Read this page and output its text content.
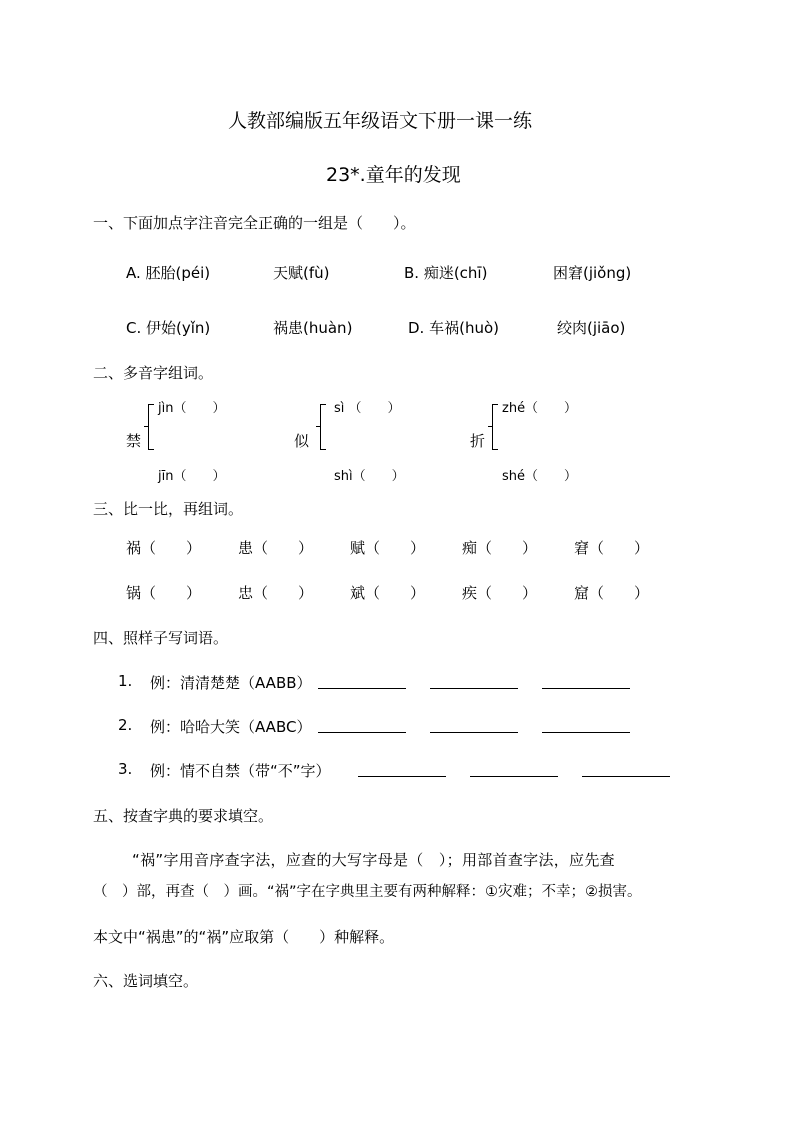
人教部编版五年级语文下册一课一练
23*.童年的发现
一、下面加点字注音完全正确的一组是（　　）。
A. 胚胎(péi)	天赋(fù)	B. 痴迷(chī)	困窘(jiǒng)
C. 伊始(yǐn)	祸患(huàn)	D. 车祸(huò)	绞肉(jiāo)
二、多音字组词。
jìn（　　）
禁
jīn（　　）
sì （　　）
似
shì（　　）
zhé（　　）
折
shé（　　）
三、比一比，再组词。
祸（　　） 患（　　） 赋（　　） 痴（　　） 窘（　　）
锅（　　） 忠（　　） 斌（　　） 疾（　　） 窟（　　）
四、照样子写词语。
1. 例：清清楚楚（AABB）
2. 例：哈哈大笑（AABC）
3. 例：情不自禁（带“不”字）
五、按查字典的要求填空。
“祸”字用音序查字法，应查的大写字母是（　）；用部首查字法，应先查
（　）部，再查（　）画。“祸”字在字典里主要有两种解释：①灾难；不幸；②损害。
本文中“祸患”的“祸”应取第（　　）种解释。
六、选词填空。
